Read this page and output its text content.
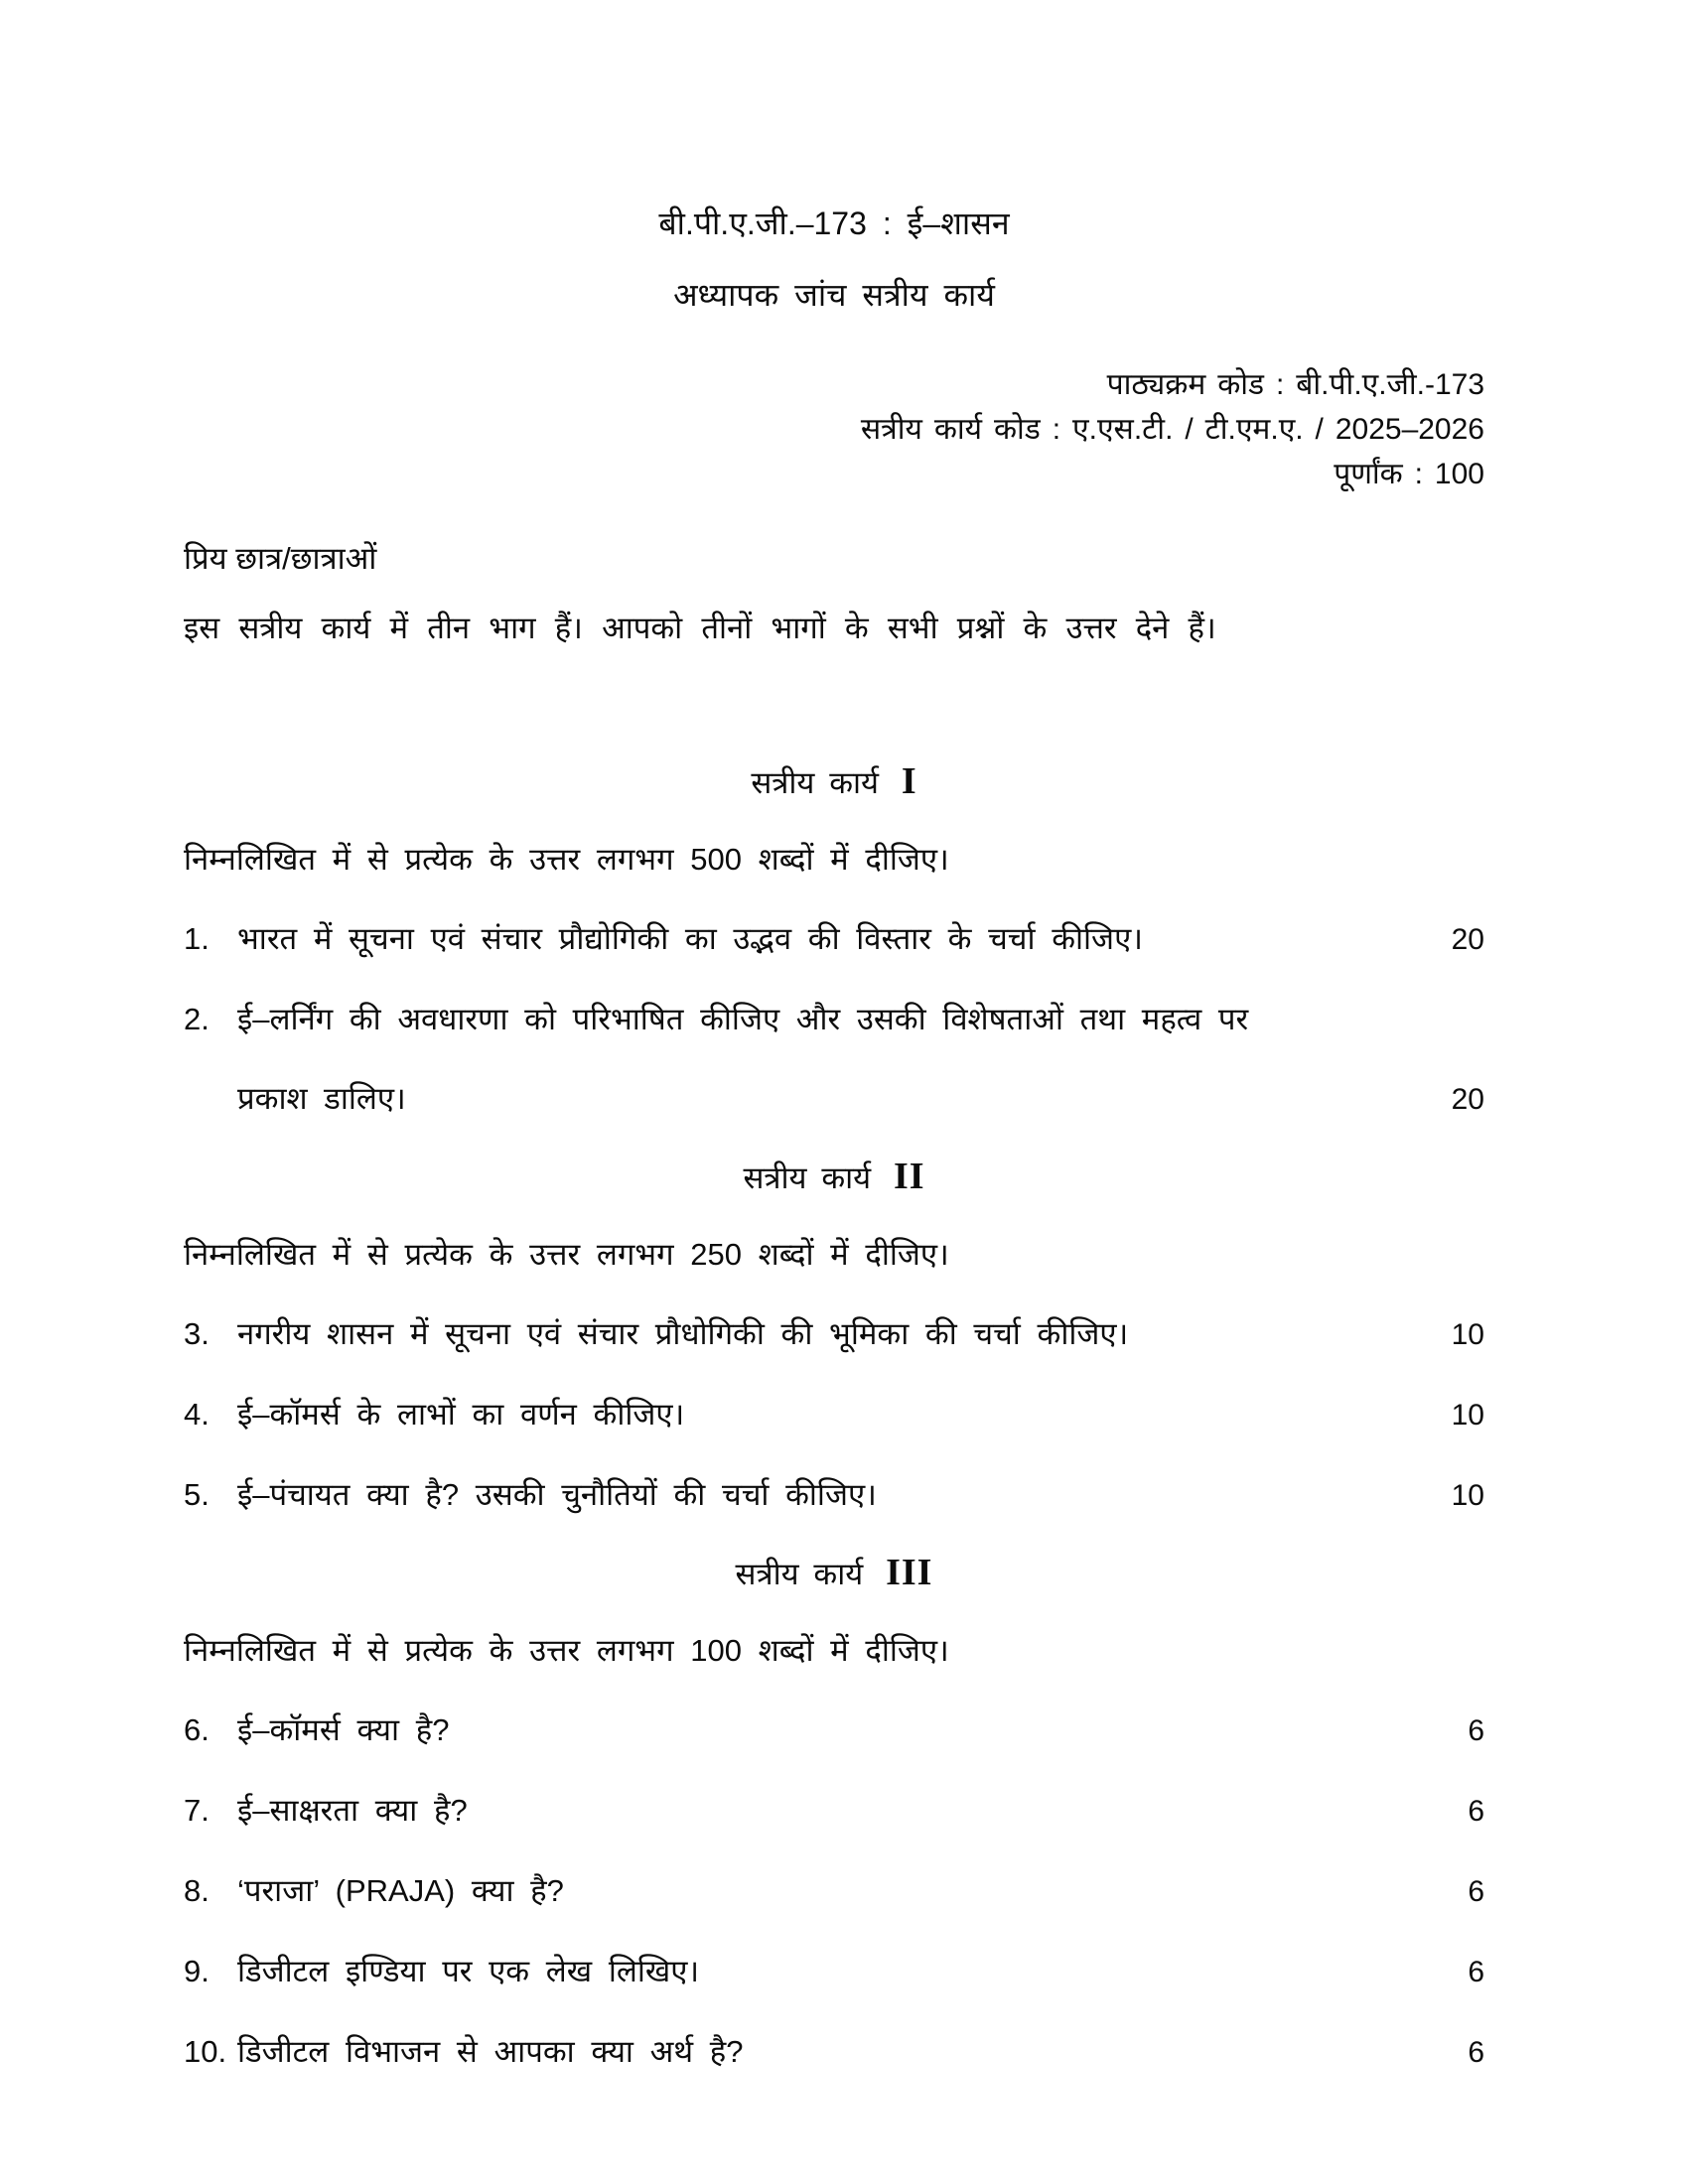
बी.पी.ए.जी.–173 : ई–शासन
अध्यापक जांच सत्रीय कार्य
पाठ्यक्रम कोड : बी.पी.ए.जी.-173
सत्रीय कार्य कोड : ए.एस.टी. / टी.एम.ए. / 2025–2026
पूर्णांक : 100
प्रिय छात्र/छात्राओं
इस सत्रीय कार्य में तीन भाग हैं। आपको तीनों भागों के सभी प्रश्नों के उत्तर देने हैं।
सत्रीय कार्य I
निम्नलिखित में से प्रत्येक के उत्तर लगभग 500 शब्दों में दीजिए।
1. भारत में सूचना एवं संचार प्रौद्योगिकी का उद्भव की विस्तार के चर्चा कीजिए।	20
2. ई–लर्निंग की अवधारणा को परिभाषित कीजिए और उसकी विशेषताओं तथा महत्व पर
प्रकाश डालिए।	20
सत्रीय कार्य II
निम्नलिखित में से प्रत्येक के उत्तर लगभग 250 शब्दों में दीजिए।
3. नगरीय शासन में सूचना एवं संचार प्रौधोगिकी की भूमिका की चर्चा कीजिए।	10
4. ई–कॉमर्स के लाभों का वर्णन कीजिए।	10
5. ई–पंचायत क्या है? उसकी चुनौतियों की चर्चा कीजिए।	10
सत्रीय कार्य III
निम्नलिखित में से प्रत्येक के उत्तर लगभग 100 शब्दों में दीजिए।
6. ई–कॉमर्स क्या है?	6
7. ई–साक्षरता क्या है?	6
8. ‘पराजा’ (PRAJA) क्या है?	6
9. डिजीटल इण्डिया पर एक लेख लिखिए।	6
10. डिजीटल विभाजन से आपका क्या अर्थ है?	6
